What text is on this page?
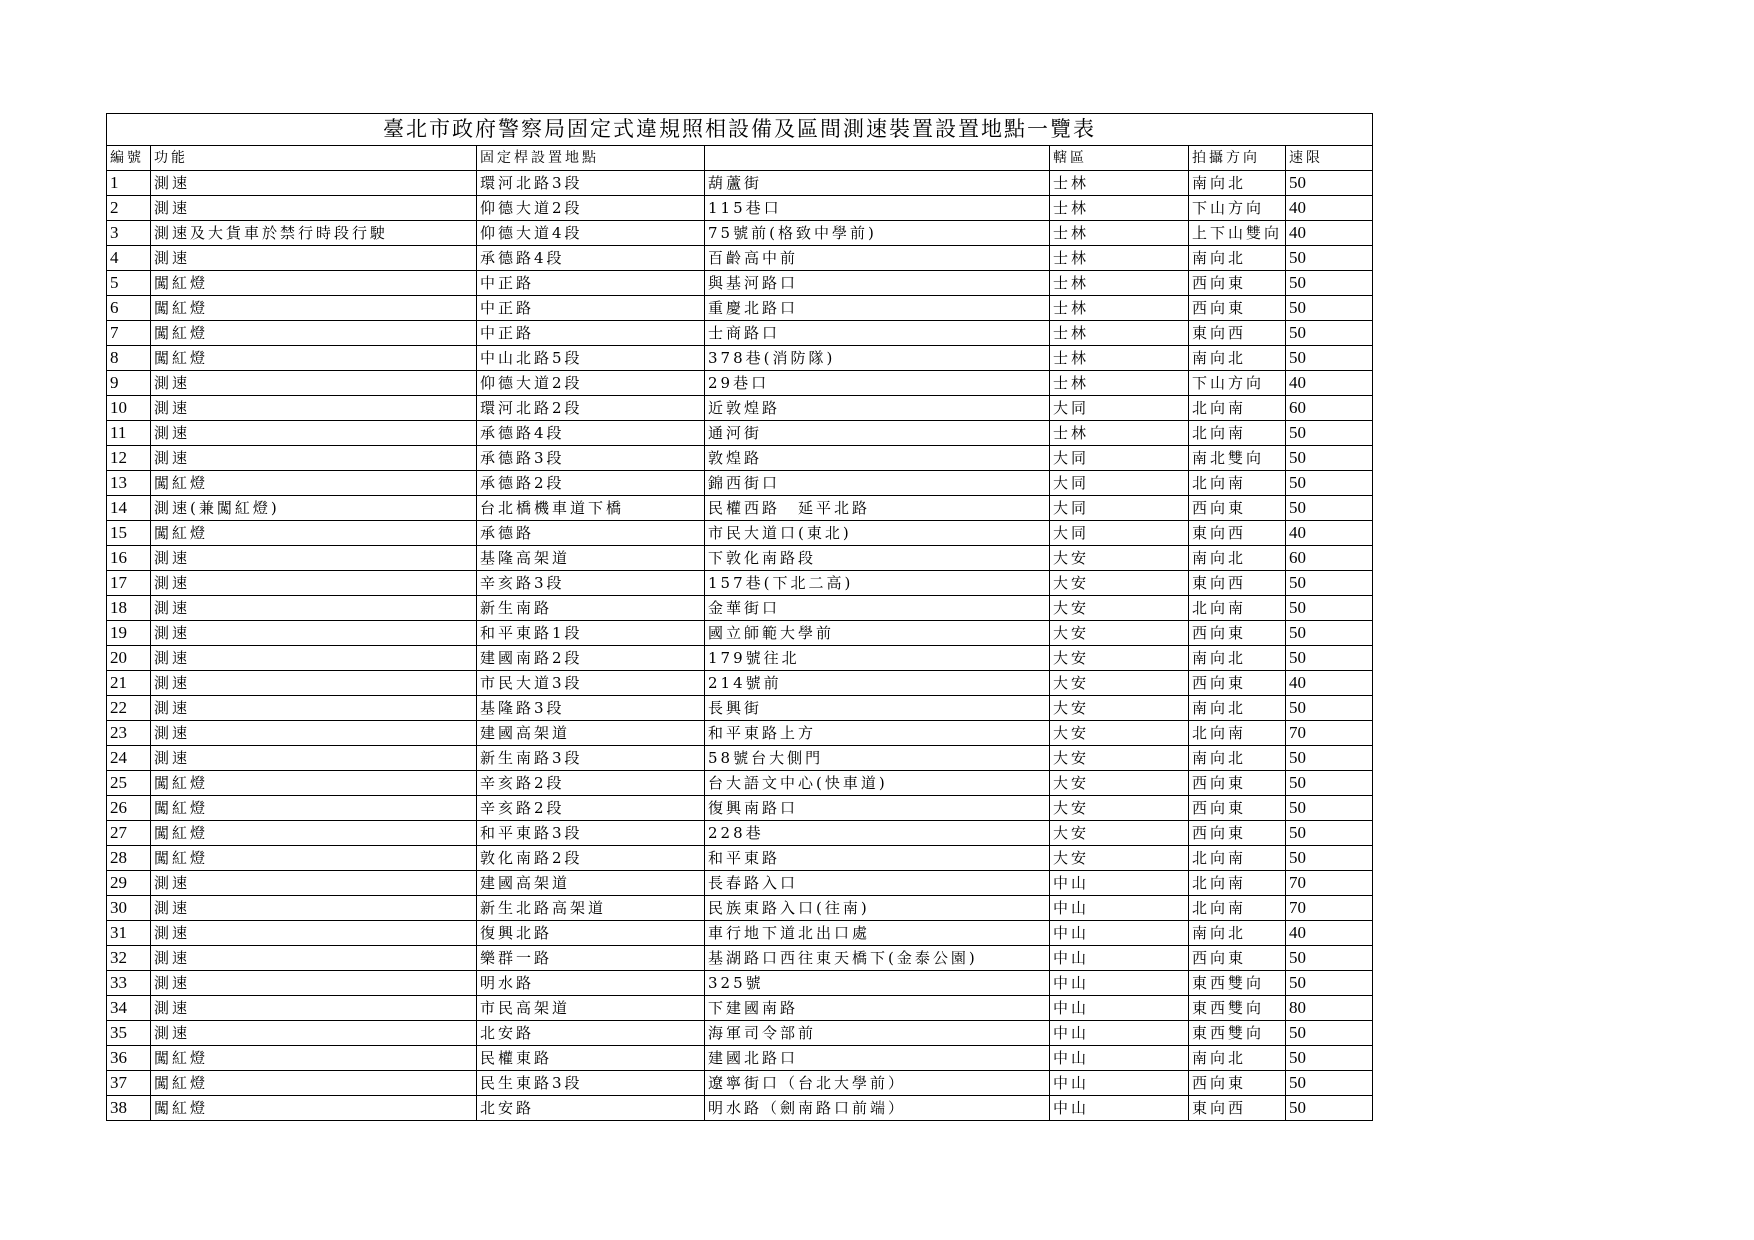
臺北市政府警察局固定式違規照相設備及區間測速裝置設置地點一覽表						
編號	功能	固定桿設置地點		轄區	拍攝方向	速限
1	測速	環河北路3段	葫蘆街	士林	南向北	50
2	測速	仰德大道2段	115巷口	士林	下山方向	40
3	測速及大貨車於禁行時段行駛	仰德大道4段	75號前(格致中學前)	士林	上下山雙向	40
4	測速	承德路4段	百齡高中前	士林	南向北	50
5	闖紅燈	中正路	與基河路口	士林	西向東	50
6	闖紅燈	中正路	重慶北路口	士林	西向東	50
7	闖紅燈	中正路	士商路口	士林	東向西	50
8	闖紅燈	中山北路5段	378巷(消防隊)	士林	南向北	50
9	測速	仰德大道2段	29巷口	士林	下山方向	40
10	測速	環河北路2段	近敦煌路	大同	北向南	60
11	測速	承德路4段	通河街	士林	北向南	50
12	測速	承德路3段	敦煌路	大同	南北雙向	50
13	闖紅燈	承德路2段	錦西街口	大同	北向南	50
14	測速(兼闖紅燈)	台北橋機車道下橋	民權西路　延平北路	大同	西向東	50
15	闖紅燈	承德路	市民大道口(東北)	大同	東向西	40
16	測速	基隆高架道	下敦化南路段	大安	南向北	60
17	測速	辛亥路3段	157巷(下北二高)	大安	東向西	50
18	測速	新生南路	金華街口	大安	北向南	50
19	測速	和平東路1段	國立師範大學前	大安	西向東	50
20	測速	建國南路2段	179號往北	大安	南向北	50
21	測速	市民大道3段	214號前	大安	西向東	40
22	測速	基隆路3段	長興街	大安	南向北	50
23	測速	建國高架道	和平東路上方	大安	北向南	70
24	測速	新生南路3段	58號台大側門	大安	南向北	50
25	闖紅燈	辛亥路2段	台大語文中心(快車道)	大安	西向東	50
26	闖紅燈	辛亥路2段	復興南路口	大安	西向東	50
27	闖紅燈	和平東路3段	228巷	大安	西向東	50
28	闖紅燈	敦化南路2段	和平東路	大安	北向南	50
29	測速	建國高架道	長春路入口	中山	北向南	70
30	測速	新生北路高架道	民族東路入口(往南)	中山	北向南	70
31	測速	復興北路	車行地下道北出口處	中山	南向北	40
32	測速	樂群一路	基湖路口西往東天橋下(金泰公園)	中山	西向東	50
33	測速	明水路	325號	中山	東西雙向	50
34	測速	市民高架道	下建國南路	中山	東西雙向	80
35	測速	北安路	海軍司令部前	中山	東西雙向	50
36	闖紅燈	民權東路	建國北路口	中山	南向北	50
37	闖紅燈	民生東路3段	遼寧街口（台北大學前）	中山	西向東	50
38	闖紅燈	北安路	明水路（劍南路口前端）	中山	東向西	50
